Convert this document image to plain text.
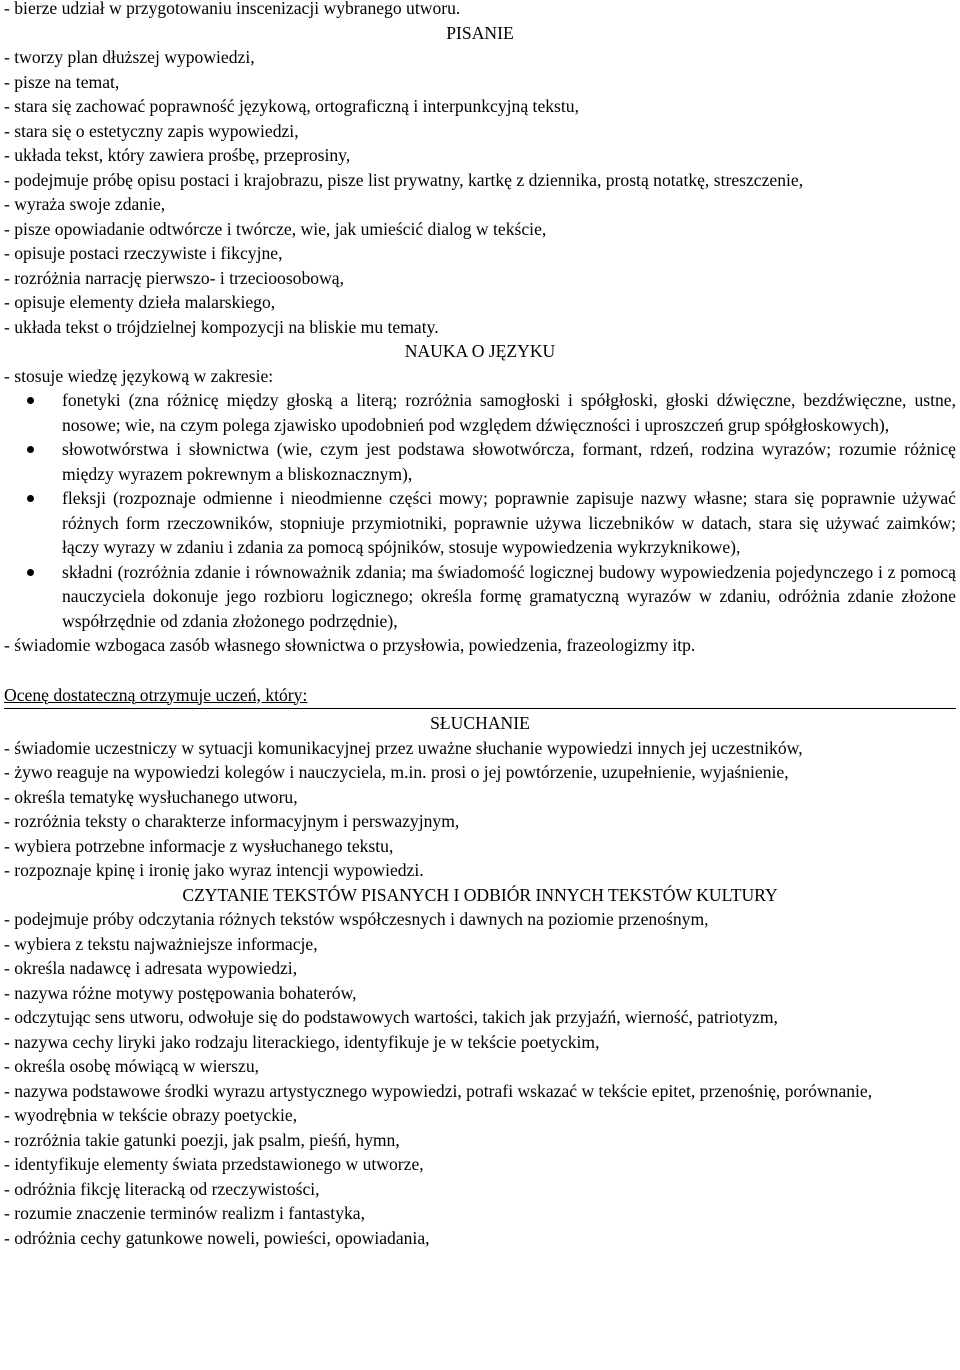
- bierze udział w przygotowaniu inscenizacji wybranego utworu.
PISANIE
- tworzy plan dłuższej wypowiedzi,
- pisze na temat,
- stara się zachować poprawność językową, ortograficzną i interpunkcyjną tekstu,
- stara się o estetyczny zapis wypowiedzi,
- układa tekst, który zawiera prośbę, przeprosiny,
- podejmuje próbę opisu postaci i krajobrazu, pisze list prywatny, kartkę z dziennika, prostą notatkę, streszczenie,
- wyraża swoje zdanie,
- pisze opowiadanie odtwórcze i twórcze, wie, jak umieścić dialog w tekście,
- opisuje postaci rzeczywiste i fikcyjne,
- rozróżnia narrację pierwszo- i trzecioosobową,
- opisuje elementy dzieła malarskiego,
- układa tekst o trójdzielnej kompozycji na bliskie mu tematy.
NAUKA O JĘZYKU
- stosuje wiedzę językową w zakresie:
fonetyki (zna różnicę między głoską a literą; rozróżnia samogłoski i spółgłoski, głoski dźwięczne, bezdźwięczne, ustne, nosowe; wie, na czym polega zjawisko upodobnień pod względem dźwięczności i uproszczeń grup spółgłoskowych),
słowotwórstwa i słownictwa (wie, czym jest podstawa słowotwórcza, formant, rdzeń, rodzina wyrazów; rozumie różnicę między wyrazem pokrewnym a bliskoznacznym),
fleksji (rozpoznaje odmienne i nieodmienne części mowy; poprawnie zapisuje nazwy własne; stara się poprawnie używać różnych form rzeczowników, stopniuje przymiotniki, poprawnie używa liczebników w datach, stara się używać zaimków; łączy wyrazy w zdaniu i zdania za pomocą spójników, stosuje wypowiedzenia wykrzyknikowe),
składni (rozróżnia zdanie i równoważnik zdania; ma świadomość logicznej budowy wypowiedzenia pojedynczego i z pomocą nauczyciela dokonuje jego rozbioru logicznego; określa formę gramatyczną wyrazów w zdaniu, odróżnia zdanie złożone współrzędnie od zdania złożonego podrzędnie),
- świadomie wzbogaca zasób własnego słownictwa o przysłowia, powiedzenia, frazeologizmy itp.
Ocenę dostateczną otrzymuje uczeń, który:
SŁUCHANIE
- świadomie uczestniczy w sytuacji komunikacyjnej przez uważne słuchanie wypowiedzi innych jej uczestników,
- żywo reaguje na wypowiedzi kolegów i nauczyciela, m.in. prosi o jej powtórzenie, uzupełnienie, wyjaśnienie,
- określa tematykę wysłuchanego utworu,
- rozróżnia teksty o charakterze informacyjnym i perswazyjnym,
- wybiera potrzebne informacje z wysłuchanego tekstu,
- rozpoznaje kpinę i ironię jako wyraz intencji wypowiedzi.
CZYTANIE TEKSTÓW PISANYCH I ODBIÓR INNYCH TEKSTÓW KULTURY
- podejmuje próby odczytania różnych tekstów współczesnych i dawnych na poziomie przenośnym,
- wybiera z tekstu najważniejsze informacje,
- określa nadawcę i adresata wypowiedzi,
- nazywa różne motywy postępowania bohaterów,
- odczytując sens utworu, odwołuje się do podstawowych wartości, takich jak przyjaźń, wierność, patriotyzm,
- nazywa cechy liryki jako rodzaju literackiego, identyfikuje je w tekście poetyckim,
- określa osobę mówiącą w wierszu,
- nazywa podstawowe środki wyrazu artystycznego wypowiedzi, potrafi wskazać w tekście epitet, przenośnię, porównanie,
- wyodrębnia w tekście obrazy poetyckie,
- rozróżnia takie gatunki poezji, jak psalm, pieśń, hymn,
- identyfikuje elementy świata przedstawionego w utworze,
- odróżnia fikcję literacką od rzeczywistości,
- rozumie znaczenie terminów realizm i fantastyka,
- odróżnia cechy gatunkowe noweli, powieści, opowiadania,
